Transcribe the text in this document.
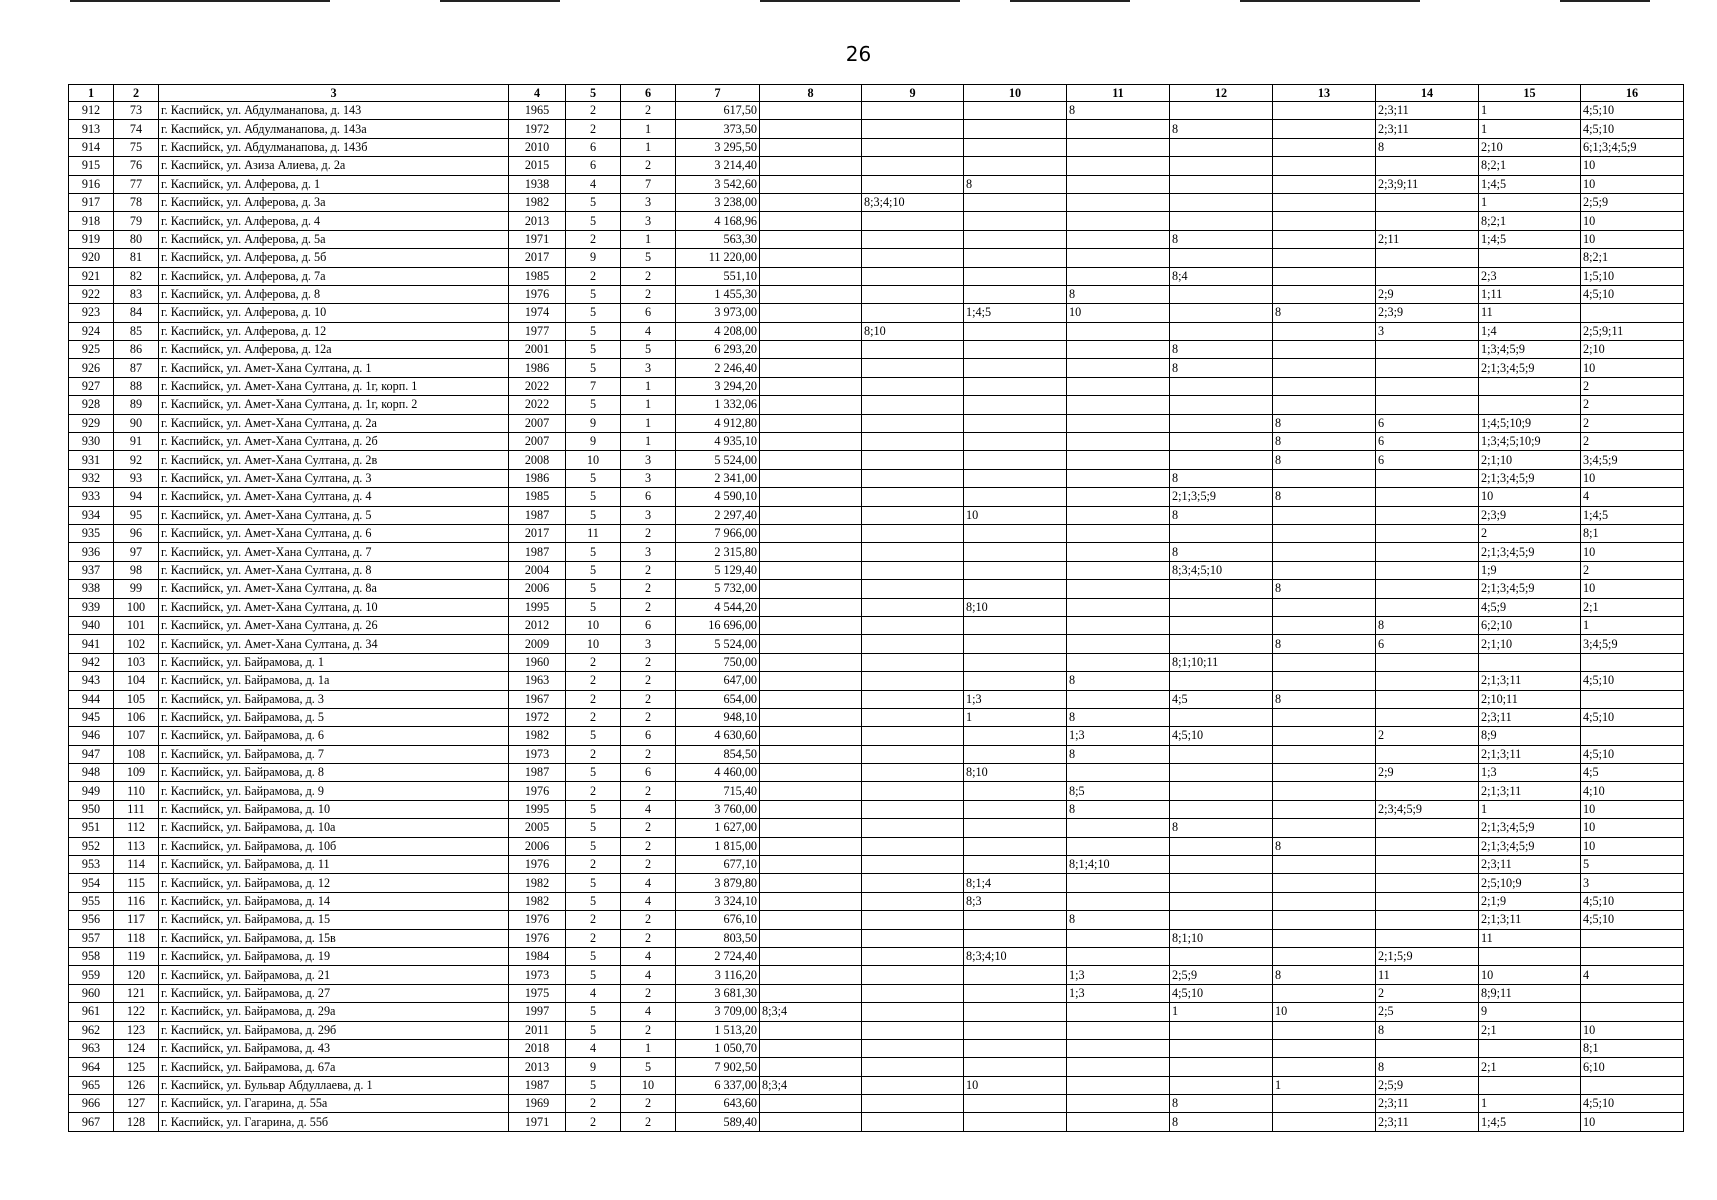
26
1	2	3	4	5	6	7	8	9	10	11	12	13	14	15	16
912	73	г. Каспийск, ул. Абдулманапова, д. 143	1965	2	2	617,50				8			2;3;11	1	4;5;10
913	74	г. Каспийск, ул. Абдулманапова, д. 143а	1972	2	1	373,50					8		2;3;11	1	4;5;10
914	75	г. Каспийск, ул. Абдулманапова, д. 143б	2010	6	1	3 295,50							8	2;10	6;1;3;4;5;9
915	76	г. Каспийск, ул. Азиза Алиева, д. 2а	2015	6	2	3 214,40								8;2;1	10
916	77	г. Каспийск, ул. Алферова, д. 1	1938	4	7	3 542,60			8				2;3;9;11	1;4;5	10
917	78	г. Каспийск, ул. Алферова, д. 3а	1982	5	3	3 238,00		8;3;4;10						1	2;5;9
918	79	г. Каспийск, ул. Алферова, д. 4	2013	5	3	4 168,96								8;2;1	10
919	80	г. Каспийск, ул. Алферова, д. 5а	1971	2	1	563,30					8		2;11	1;4;5	10
920	81	г. Каспийск, ул. Алферова, д. 5б	2017	9	5	11 220,00									8;2;1
921	82	г. Каспийск, ул. Алферова, д. 7а	1985	2	2	551,10					8;4			2;3	1;5;10
922	83	г. Каспийск, ул. Алферова, д. 8	1976	5	2	1 455,30				8			2;9	1;11	4;5;10
923	84	г. Каспийск, ул. Алферова, д. 10	1974	5	6	3 973,00			1;4;5	10		8	2;3;9	11	
924	85	г. Каспийск, ул. Алферова, д. 12	1977	5	4	4 208,00		8;10					3	1;4	2;5;9;11
925	86	г. Каспийск, ул. Алферова, д. 12а	2001	5	5	6 293,20					8			1;3;4;5;9	2;10
926	87	г. Каспийск, ул. Амет-Хана Султана, д. 1	1986	5	3	2 246,40					8			2;1;3;4;5;9	10
927	88	г. Каспийск, ул. Амет-Хана Султана, д. 1г, корп. 1	2022	7	1	3 294,20									2
928	89	г. Каспийск, ул. Амет-Хана Султана, д. 1г, корп. 2	2022	5	1	1 332,06									2
929	90	г. Каспийск, ул. Амет-Хана Султана, д. 2а	2007	9	1	4 912,80						8	6	1;4;5;10;9	2
930	91	г. Каспийск, ул. Амет-Хана Султана, д. 2б	2007	9	1	4 935,10						8	6	1;3;4;5;10;9	2
931	92	г. Каспийск, ул. Амет-Хана Султана, д. 2в	2008	10	3	5 524,00						8	6	2;1;10	3;4;5;9
932	93	г. Каспийск, ул. Амет-Хана Султана, д. 3	1986	5	3	2 341,00					8			2;1;3;4;5;9	10
933	94	г. Каспийск, ул. Амет-Хана Султана, д. 4	1985	5	6	4 590,10					2;1;3;5;9	8		10	4
934	95	г. Каспийск, ул. Амет-Хана Султана, д. 5	1987	5	3	2 297,40			10		8			2;3;9	1;4;5
935	96	г. Каспийск, ул. Амет-Хана Султана, д. 6	2017	11	2	7 966,00								2	8;1
936	97	г. Каспийск, ул. Амет-Хана Султана, д. 7	1987	5	3	2 315,80					8			2;1;3;4;5;9	10
937	98	г. Каспийск, ул. Амет-Хана Султана, д. 8	2004	5	2	5 129,40					8;3;4;5;10			1;9	2
938	99	г. Каспийск, ул. Амет-Хана Султана, д. 8а	2006	5	2	5 732,00						8		2;1;3;4;5;9	10
939	100	г. Каспийск, ул. Амет-Хана Султана, д. 10	1995	5	2	4 544,20			8;10					4;5;9	2;1
940	101	г. Каспийск, ул. Амет-Хана Султана, д. 26	2012	10	6	16 696,00							8	6;2;10	1
941	102	г. Каспийск, ул. Амет-Хана Султана, д. 34	2009	10	3	5 524,00						8	6	2;1;10	3;4;5;9
942	103	г. Каспийск, ул. Байрамова, д. 1	1960	2	2	750,00					8;1;10;11				
943	104	г. Каспийск, ул. Байрамова, д. 1а	1963	2	2	647,00				8				2;1;3;11	4;5;10
944	105	г. Каспийск, ул. Байрамова, д. 3	1967	2	2	654,00			1;3		4;5	8		2;10;11	
945	106	г. Каспийск, ул. Байрамова, д. 5	1972	2	2	948,10			1	8				2;3;11	4;5;10
946	107	г. Каспийск, ул. Байрамова, д. 6	1982	5	6	4 630,60				1;3	4;5;10		2	8;9	
947	108	г. Каспийск, ул. Байрамова, д. 7	1973	2	2	854,50				8				2;1;3;11	4;5;10
948	109	г. Каспийск, ул. Байрамова, д. 8	1987	5	6	4 460,00			8;10				2;9	1;3	4;5
949	110	г. Каспийск, ул. Байрамова, д. 9	1976	2	2	715,40				8;5				2;1;3;11	4;10
950	111	г. Каспийск, ул. Байрамова, д. 10	1995	5	4	3 760,00				8			2;3;4;5;9	1	10
951	112	г. Каспийск, ул. Байрамова, д. 10а	2005	5	2	1 627,00					8			2;1;3;4;5;9	10
952	113	г. Каспийск, ул. Байрамова, д. 10б	2006	5	2	1 815,00						8		2;1;3;4;5;9	10
953	114	г. Каспийск, ул. Байрамова, д. 11	1976	2	2	677,10				8;1;4;10				2;3;11	5
954	115	г. Каспийск, ул. Байрамова, д. 12	1982	5	4	3 879,80			8;1;4					2;5;10;9	3
955	116	г. Каспийск, ул. Байрамова, д. 14	1982	5	4	3 324,10			8;3					2;1;9	4;5;10
956	117	г. Каспийск, ул. Байрамова, д. 15	1976	2	2	676,10				8				2;1;3;11	4;5;10
957	118	г. Каспийск, ул. Байрамова, д. 15в	1976	2	2	803,50					8;1;10			11	
958	119	г. Каспийск, ул. Байрамова, д. 19	1984	5	4	2 724,40			8;3;4;10				2;1;5;9		
959	120	г. Каспийск, ул. Байрамова, д. 21	1973	5	4	3 116,20				1;3	2;5;9	8	11	10	4
960	121	г. Каспийск, ул. Байрамова, д. 27	1975	4	2	3 681,30				1;3	4;5;10		2	8;9;11	
961	122	г. Каспийск, ул. Байрамова, д. 29а	1997	5	4	3 709,00	8;3;4				1	10	2;5	9	
962	123	г. Каспийск, ул. Байрамова, д. 29б	2011	5	2	1 513,20							8	2;1	10
963	124	г. Каспийск, ул. Байрамова, д. 43	2018	4	1	1 050,70									8;1
964	125	г. Каспийск, ул. Байрамова, д. 67а	2013	9	5	7 902,50							8	2;1	6;10
965	126	г. Каспийск, ул. Бульвар Абдуллаева, д. 1	1987	5	10	6 337,00	8;3;4		10			1	2;5;9		
966	127	г. Каспийск, ул. Гагарина, д. 55а	1969	2	2	643,60					8		2;3;11	1	4;5;10
967	128	г. Каспийск, ул. Гагарина, д. 55б	1971	2	2	589,40					8		2;3;11	1;4;5	10
